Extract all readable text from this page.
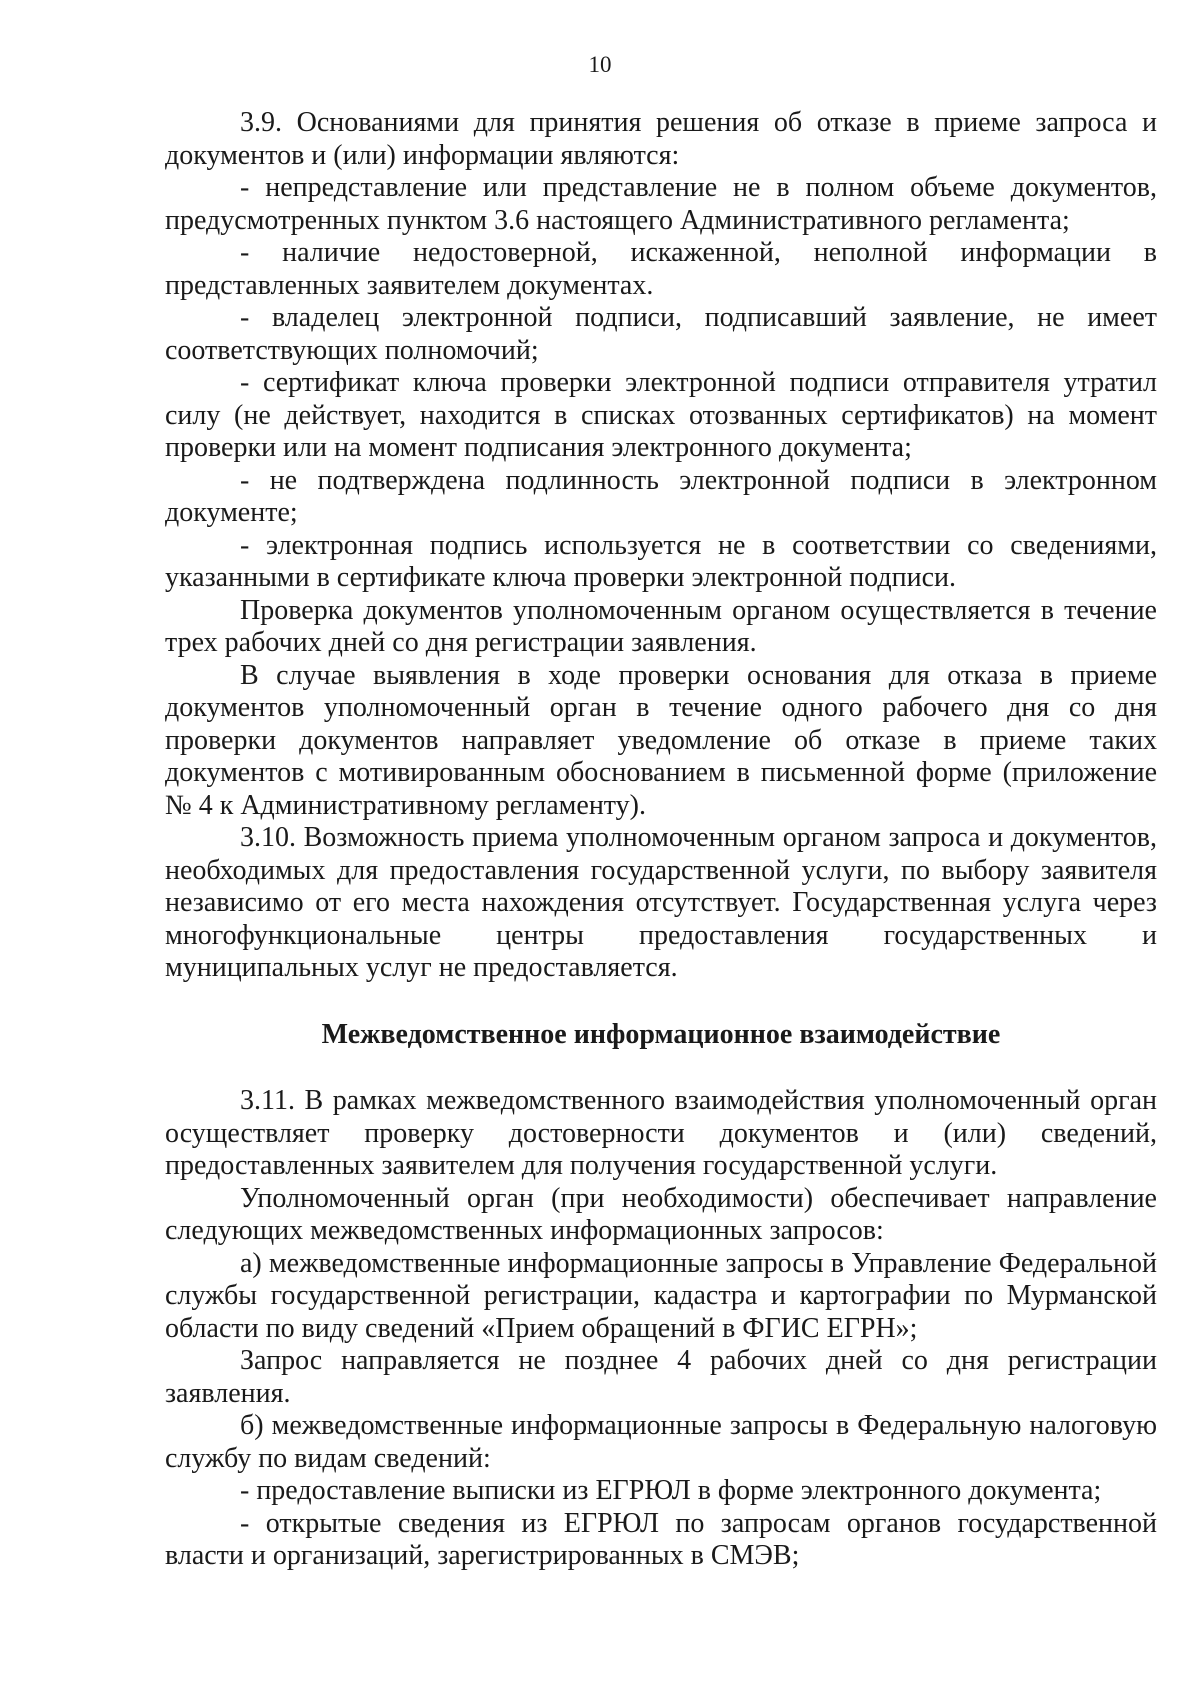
10

3.9. Основаниями для принятия решения об отказе в приеме запроса и документов и (или) информации являются:

- непредставление или представление не в полном объеме документов, предусмотренных пунктом 3.6 настоящего Административного регламента;

- наличие недостоверной, искаженной, неполной информации в представленных заявителем документах.

- владелец электронной подписи, подписавший заявление, не имеет соответствующих полномочий;

- сертификат ключа проверки электронной подписи отправителя утратил силу (не действует, находится в списках отозванных сертификатов) на момент проверки или на момент подписания электронного документа;

- не подтверждена подлинность электронной подписи в электронном документе;

- электронная подпись используется не в соответствии со сведениями, указанными в сертификате ключа проверки электронной подписи.

Проверка документов уполномоченным органом осуществляется в течение трех рабочих дней со дня регистрации заявления.

В случае выявления в ходе проверки основания для отказа в приеме документов уполномоченный орган в течение одного рабочего дня со дня проверки документов направляет уведомление об отказе в приеме таких документов с мотивированным обоснованием в письменной форме (приложение № 4 к Административному регламенту).

3.10. Возможность приема уполномоченным органом запроса и документов, необходимых для предоставления государственной услуги, по выбору заявителя независимо от его места нахождения отсутствует. Государственная услуга через многофункциональные центры предоставления государственных и муниципальных услуг не предоставляется.

Межведомственное информационное взаимодействие

3.11. В рамках межведомственного взаимодействия уполномоченный орган осуществляет проверку достоверности документов и (или) сведений, предоставленных заявителем для получения государственной услуги.

Уполномоченный орган (при необходимости) обеспечивает направление следующих межведомственных информационных запросов:

а) межведомственные информационные запросы в Управление Федеральной службы государственной регистрации, кадастра и картографии по Мурманской области по виду сведений «Прием обращений в ФГИС ЕГРН»;

Запрос направляется не позднее 4 рабочих дней со дня регистрации заявления.

б) межведомственные информационные запросы в Федеральную налоговую службу по видам сведений:

- предоставление выписки из ЕГРЮЛ в форме электронного документа;

- открытые сведения из ЕГРЮЛ по запросам органов государственной власти и организаций, зарегистрированных в СМЭВ;
